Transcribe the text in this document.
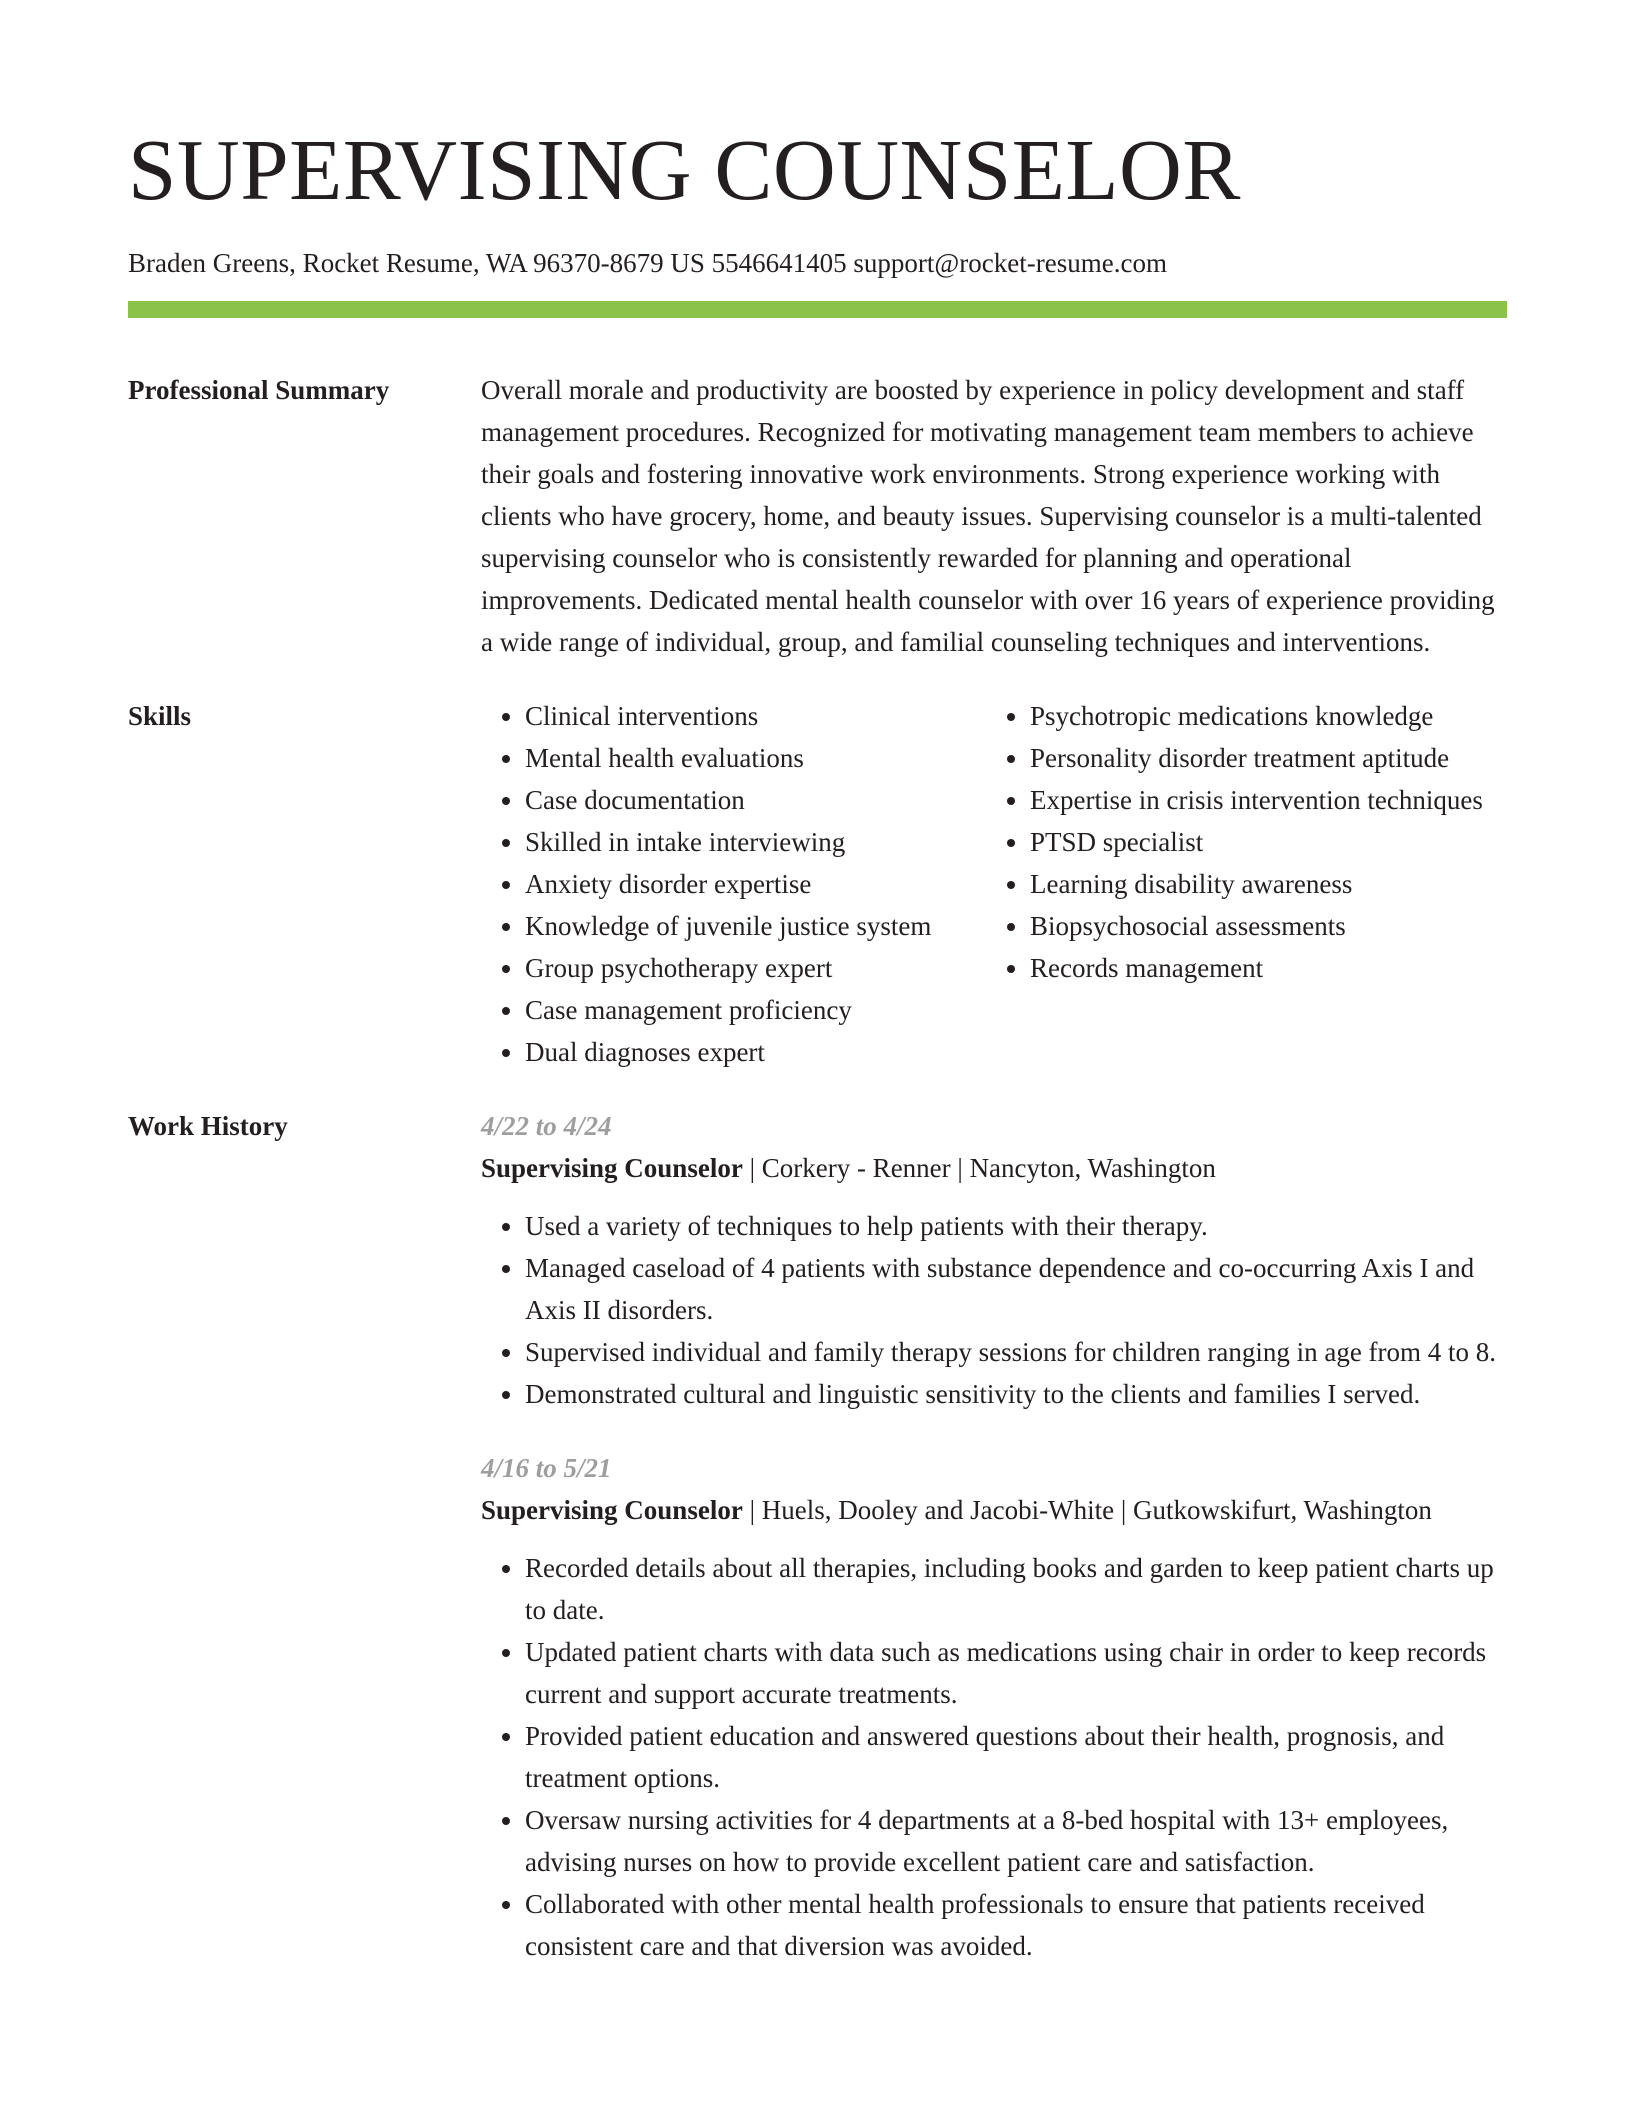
SUPERVISING COUNSELOR
Braden Greens, Rocket Resume, WA 96370-8679 US 5546641405 support@rocket-resume.com
Professional Summary	Overall morale and productivity are boosted by experience in policy development and staff management procedures. Recognized for motivating management team members to achieve their goals and fostering innovative work environments. Strong experience working with clients who have grocery, home, and beauty issues. Supervising counselor is a multi-talented supervising counselor who is consistently rewarded for planning and operational improvements. Dedicated mental health counselor with over 16 years of experience providing a wide range of individual, group, and familial counseling techniques and interventions.

Skills
•	Clinical interventions
• Mental health evaluations
• Case documentation
• Skilled in intake interviewing
• Anxiety disorder expertise
• Knowledge of juvenile justice system
• Group psychotherapy expert
• Case management proficiency
• Dual diagnoses expert
• Psychotropic medications knowledge
• Personality disorder treatment aptitude
• Expertise in crisis intervention techniques
• PTSD specialist
• Learning disability awareness
• Biopsychosocial assessments
• Records management
Work History	4/22 to 4/24
Supervising Counselor | Corkery - Renner | Nancyton, Washington
• Used a variety of techniques to help patients with their therapy.
• Managed caseload of 4 patients with substance dependence and co-occurring Axis I and Axis II disorders.
• Supervised individual and family therapy sessions for children ranging in age from 4 to 8.
• Demonstrated cultural and linguistic sensitivity to the clients and families I served.
4/16 to 5/21
Supervising Counselor | Huels, Dooley and Jacobi-White | Gutkowskifurt, Washington
• Recorded details about all therapies, including books and garden to keep patient charts up to date.
• Updated patient charts with data such as medications using chair in order to keep records current and support accurate treatments.
• Provided patient education and answered questions about their health, prognosis, and treatment options.
• Oversaw nursing activities for 4 departments at a 8-bed hospital with 13+ employees, advising nurses on how to provide excellent patient care and satisfaction.
• Collaborated with other mental health professionals to ensure that patients received consistent care and that diversion was avoided.
